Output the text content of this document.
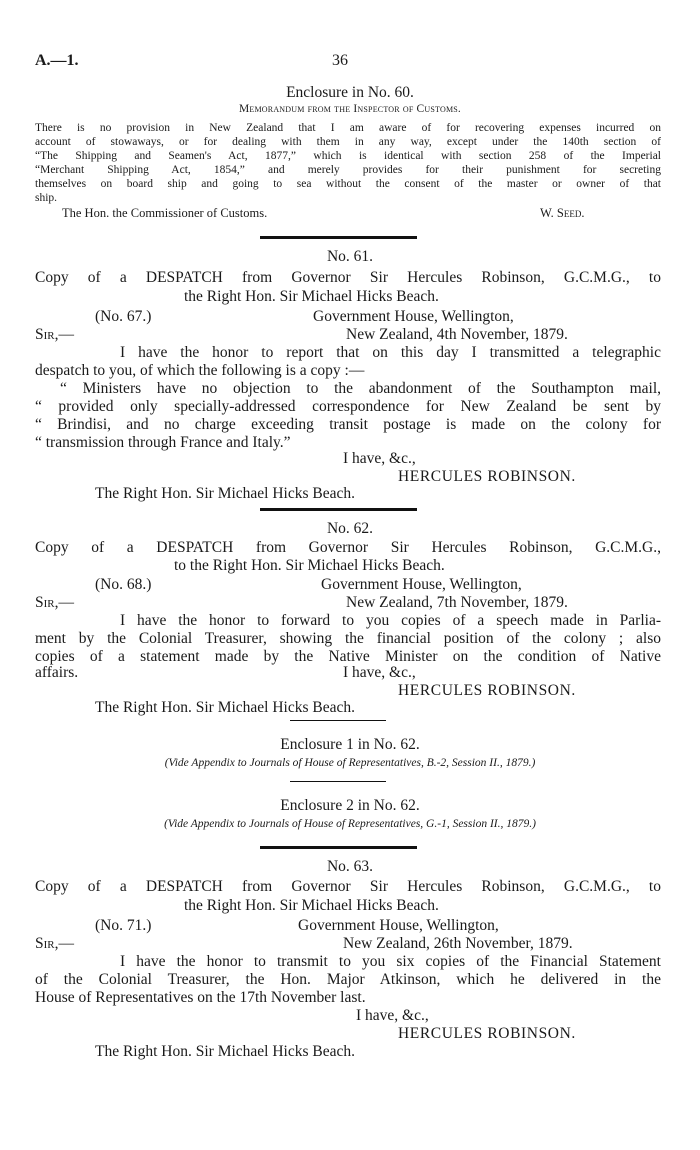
A.—1.	36
Enclosure in No. 60.
Memorandum from the Inspector of Customs.
There is no provision in New Zealand that I am aware of for recovering expenses incurred on
account of stowaways, or for dealing with them in any way, except under the 140th section of
“The Shipping and Seamen's Act, 1877,” which is identical with section 258 of the Imperial
“Merchant Shipping Act, 1854,” and merely provides for their punishment for secreting
themselves on board ship and going to sea without the consent of the master or owner of that
ship.
The Hon. the Commissioner of Customs.	W. Seed.
No. 61.
Copy of a DESPATCH from Governor Sir Hercules Robinson, G.C.M.G., to
the Right Hon. Sir Michael Hicks Beach.
(No. 67.)	Government House, Wellington,
Sir,—	New Zealand, 4th November, 1879.
I have the honor to report that on this day I transmitted a telegraphic
despatch to you, of which the following is a copy :—
“ Ministers have no objection to the abandonment of the Southampton mail,
“ provided only specially-addressed correspondence for New Zealand be sent by
“ Brindisi, and no charge exceeding transit postage is made on the colony for
“ transmission through France and Italy.”
I have, &c.,
HERCULES ROBINSON.
The Right Hon. Sir Michael Hicks Beach.
No. 62.
Copy of a DESPATCH from Governor Sir Hercules Robinson, G.C.M.G.,
to the Right Hon. Sir Michael Hicks Beach.
(No. 68.)	Government House, Wellington,
Sir,—	New Zealand, 7th November, 1879.
I have the honor to forward to you copies of a speech made in Parlia-
ment by the Colonial Treasurer, showing the financial position of the colony ; also
copies of a statement made by the Native Minister on the condition of Native
affairs.	I have, &c.,
HERCULES ROBINSON.
The Right Hon. Sir Michael Hicks Beach.
Enclosure 1 in No. 62.
(Vide Appendix to Journals of House of Representatives, B.-2, Session II., 1879.)
Enclosure 2 in No. 62.
(Vide Appendix to Journals of House of Representatives, G.-1, Session II., 1879.)
No. 63.
Copy of a DESPATCH from Governor Sir Hercules Robinson, G.C.M.G., to
the Right Hon. Sir Michael Hicks Beach.
(No. 71.)	Government House, Wellington,
Sir,—	New Zealand, 26th November, 1879.
I have the honor to transmit to you six copies of the Financial Statement
of the Colonial Treasurer, the Hon. Major Atkinson, which he delivered in the
House of Representatives on the 17th November last.
I have, &c.,
HERCULES ROBINSON.
The Right Hon. Sir Michael Hicks Beach.
